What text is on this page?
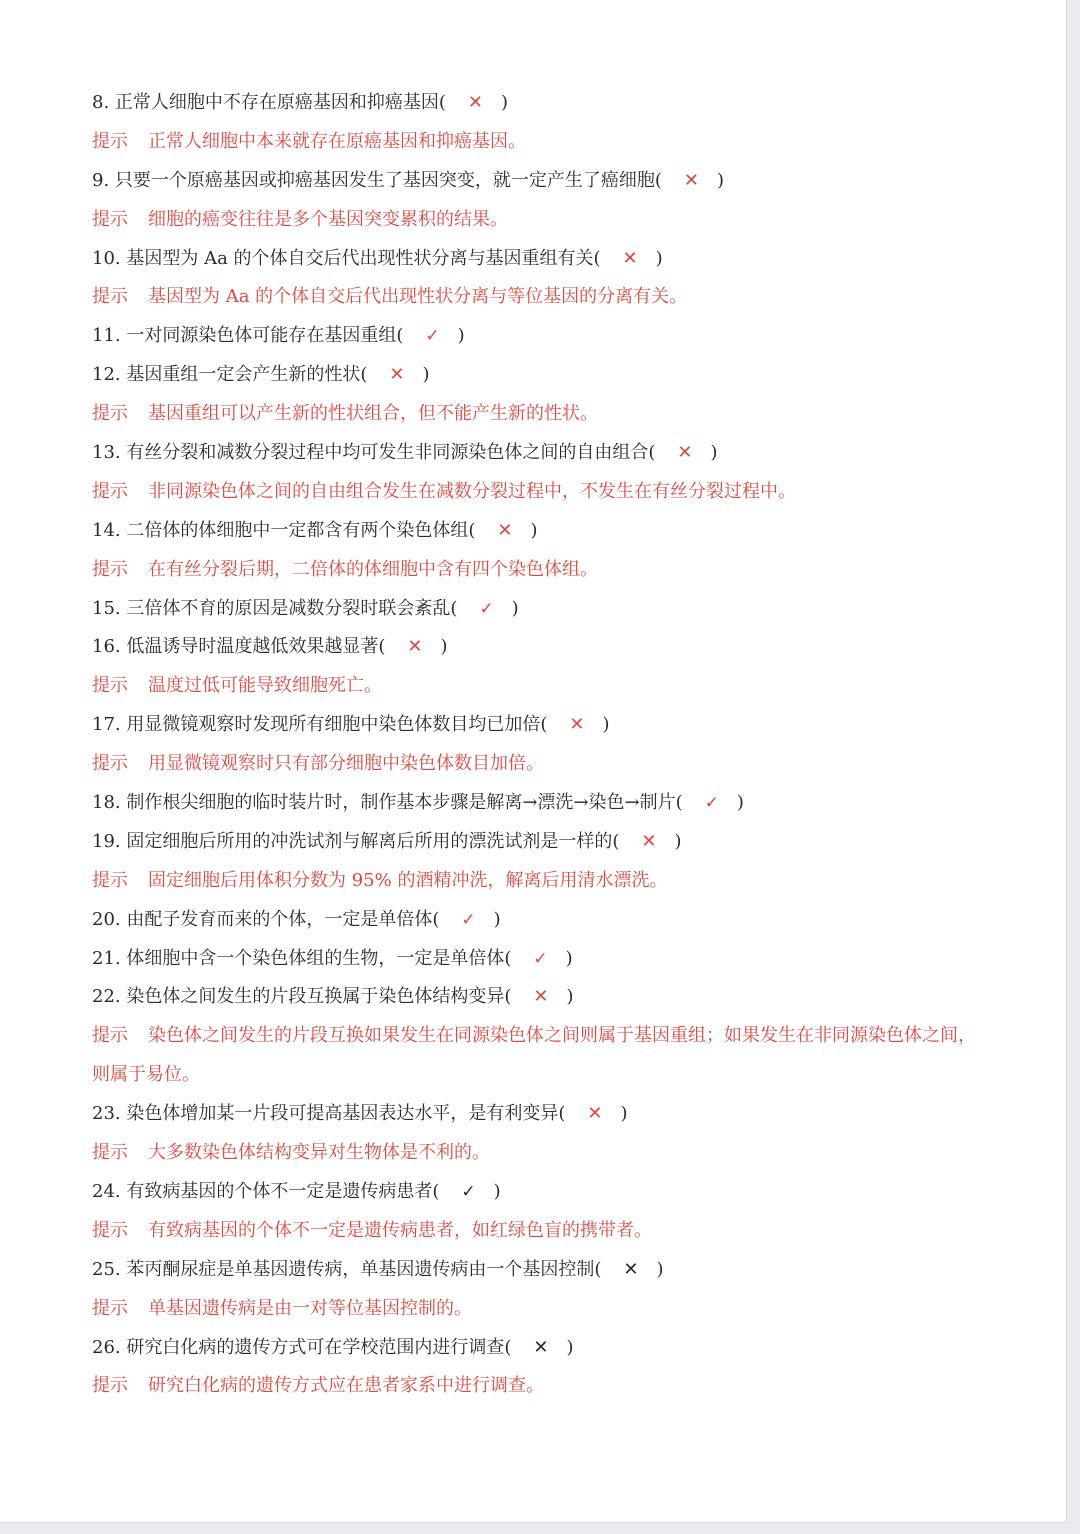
8. 正常人细胞中不存在原癌基因和抑癌基因( ✕ )
提示 正常人细胞中本来就存在原癌基因和抑癌基因。
9. 只要一个原癌基因或抑癌基因发生了基因突变，就一定产生了癌细胞( ✕ )
提示 细胞的癌变往往是多个基因突变累积的结果。
10. 基因型为 Aa 的个体自交后代出现性状分离与基因重组有关( ✕ )
提示 基因型为 Aa 的个体自交后代出现性状分离与等位基因的分离有关。
11. 一对同源染色体可能存在基因重组( ✓ )
12. 基因重组一定会产生新的性状( ✕ )
提示 基因重组可以产生新的性状组合，但不能产生新的性状。
13. 有丝分裂和减数分裂过程中均可发生非同源染色体之间的自由组合( ✕ )
提示 非同源染色体之间的自由组合发生在减数分裂过程中，不发生在有丝分裂过程中。
14. 二倍体的体细胞中一定都含有两个染色体组( ✕ )
提示 在有丝分裂后期，二倍体的体细胞中含有四个染色体组。
15. 三倍体不育的原因是减数分裂时联会紊乱( ✓ )
16. 低温诱导时温度越低效果越显著( ✕ )
提示 温度过低可能导致细胞死亡。
17. 用显微镜观察时发现所有细胞中染色体数目均已加倍( ✕ )
提示 用显微镜观察时只有部分细胞中染色体数目加倍。
18. 制作根尖细胞的临时装片时，制作基本步骤是解离→漂洗→染色→制片( ✓ )
19. 固定细胞后所用的冲洗试剂与解离后所用的漂洗试剂是一样的( ✕ )
提示 固定细胞后用体积分数为 95% 的酒精冲洗，解离后用清水漂洗。
20. 由配子发育而来的个体，一定是单倍体( ✓ )
21. 体细胞中含一个染色体组的生物，一定是单倍体( ✓ )
22. 染色体之间发生的片段互换属于染色体结构变异( ✕ )
提示 染色体之间发生的片段互换如果发生在同源染色体之间则属于基因重组；如果发生在非同源染色体之间，则属于易位。
23. 染色体增加某一片段可提高基因表达水平，是有利变异( ✕ )
提示 大多数染色体结构变异对生物体是不利的。
24. 有致病基因的个体不一定是遗传病患者( ✓ )
提示 有致病基因的个体不一定是遗传病患者，如红绿色盲的携带者。
25. 苯丙酮尿症是单基因遗传病，单基因遗传病由一个基因控制( ✕ )
提示 单基因遗传病是由一对等位基因控制的。
26. 研究白化病的遗传方式可在学校范围内进行调查( ✕ )
提示 研究白化病的遗传方式应在患者家系中进行调查。
